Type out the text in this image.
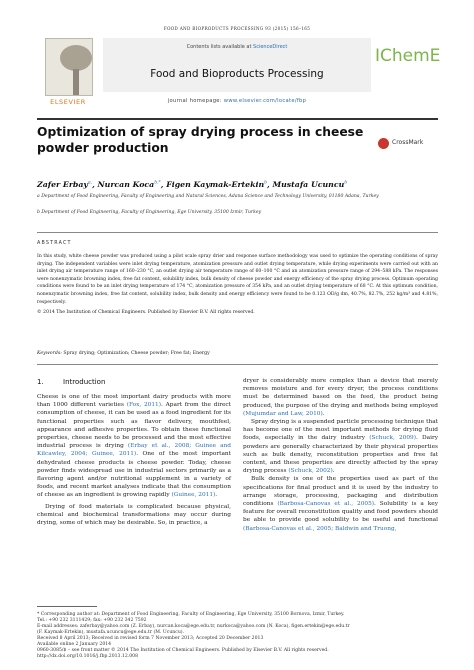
FOOD AND BIOPRODUCTS PROCESSING 93 (2015) 156–165
ELSEVIER
Contents lists available at ScienceDirect
Food and Bioproducts Processing
journal homepage: www.elsevier.com/locate/fbp
IChemE
Optimization of spray drying process in cheese powder production	CrossMark
Zafer Erbay$^{a,}$, Nurcan Koca$^{b,*}$, Figen Kaymak-Ertekin$^b$, Mustafa Ucuncu$^b$
a Department of Food Engineering, Faculty of Engineering and Natural Sciences, Adana Science and Technology University, 01180 Adana, Turkey
b Department of Food Engineering, Faculty of Engineering, Ege University, 35100 Izmir, Turkey
ABSTRACT

In this study, white cheese powder was produced using a pilot scale spray drier and response surface methodology was used to optimize the operating conditions of spray drying. The independent variables were inlet drying temperature, atomization pressure and outlet drying temperature, while drying experiments were carried out with an inlet drying air temperature range of 160–230 °C, an outlet drying air temperature range of 60–100 °C and an atomization pressure range of 294–588 kPa. The responses were nonenzymatic browning index, free fat content, solubility index, bulk density of cheese powder and energy efficiency of the spray drying process. Optimum operating conditions were found to be an inlet drying temperature of 174 °C, atomization pressure of 354 kPa, and an outlet drying temperature of 68 °C. At this optimum condition, nonenzymatic browning index, free fat content, solubility index, bulk density and energy efficiency were found to be 0.123 OD/g dm, 40.7%, 82.7%, 252 kg/m³ and 4.81%, respectively.

© 2014 The Institution of Chemical Engineers. Published by Elsevier B.V. All rights reserved.

Keywords: Spray drying; Optimization; Cheese powder; Free fat; Energy
1.	Introduction

Cheese is one of the most important dairy products with more than 1000 different varieties (Fox, 2011). Apart from the direct consumption of cheese, it can be used as a food ingredient for its functional properties such as flavor delivery, mouthfeel, appearance and adhesive properties. To obtain these functional properties, cheese needs to be processed and the most effective industrial process is drying (Erbay et al., 2008; Guinee and Kilcawley, 2004; Guinee, 2011). One of the most important dehydrated cheese products is cheese powder. Today, cheese powder finds widespread use in industrial sectors primarily as a flavoring agent and/or nutritional supplement in a variety of foods, and recent market analyses indicate that the consumption of cheese as an ingredient is growing rapidly (Guinee, 2011).

Drying of food materials is complicated because physical, chemical and biochemical transformations may occur during drying, some of which may be desirable. So, in practice, a

dryer is considerably more complex than a device that merely removes moisture and for every dryer, the process conditions must be determined based on the feed, the product being produced, the purpose of the drying and methods being employed (Mujumdar and Law, 2010).

Spray drying is a suspended particle processing technique that has become one of the most important methods for drying fluid foods, especially in the dairy industry (Schuck, 2009). Dairy powders are generally characterized by their physical properties such as bulk density, reconstitution properties and free fat content, and these properties are directly affected by the spray drying process (Schuck, 2002).

Bulk density is one of the properties used as part of the specifications for final product and it is used by the industry to arrange storage, processing, packaging and distribution conditions (Barbosa-Canovas et al., 2005). Solubility is a key feature for overall reconstitution quality and food powders should be able to provide good solubility to be useful and functional (Barbosa-Canovas et al., 2005; Baldwin and Truong,

* Corresponding author at: Department of Food Engineering, Faculty of Engineering, Ege University, 35100 Bornova, Izmir, Turkey.
Tel.: +90 232 3111429; fax: +90 232 342 7592
E-mail addresses: zaferbay@yahoo.com (Z. Erbay), nurcan.koca@ege.edu.tr, nurkoca@yahoo.com (N. Koca), figen.ertekin@ege.edu.tr
(F. Kaymak-Ertekin), mustafa.ucuncu@ege.edu.tr (M. Ucuncu).
Received 8 April 2013; Received in revised form 7 November 2013; Accepted 20 December 2013
Available online 2 January 2014
0960-3085/$ – see front matter © 2014 The Institution of Chemical Engineers. Published by Elsevier B.V. All rights reserved.
http://dx.doi.org/10.1016/j.fbp.2013.12.008
